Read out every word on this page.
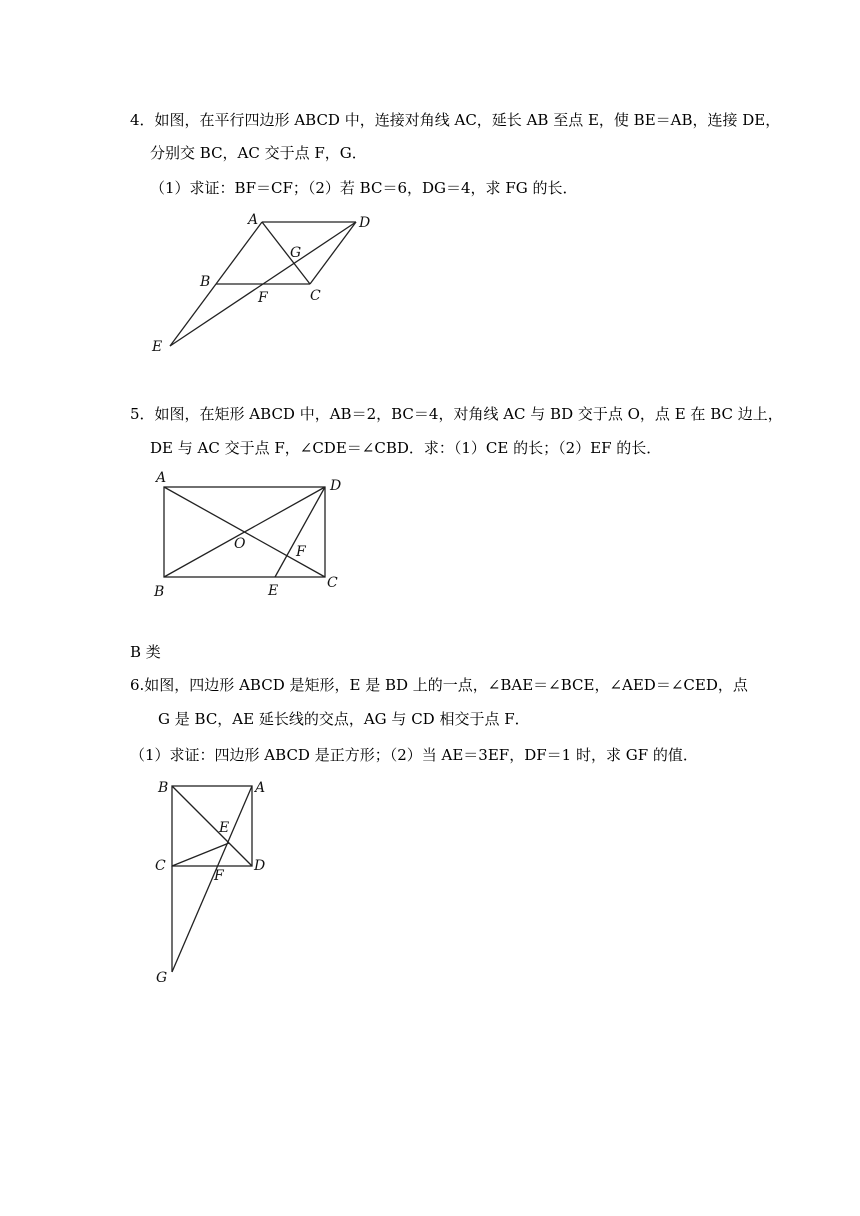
4．如图，在平行四边形 ABCD 中，连接对角线 AC，延长 AB 至点 E，使 BE＝AB，连接 DE，
分别交 BC，AC 交于点 F，G．
（1）求证：BF＝CF；（2）若 BC＝6，DG＝4，求 FG 的长．
A
B
C
D
E
F
G
5．如图，在矩形 ABCD 中，AB＝2，BC＝4，对角线 AC 与 BD 交于点 O，点 E 在 BC 边上，
DE 与 AC 交于点 F，∠CDE＝∠CBD．求：（1）CE 的长；（2）EF 的长．
A
B
C
D
E
F
O
B 类
6.如图，四边形 ABCD 是矩形，E 是 BD 上的一点，∠BAE＝∠BCE，∠AED＝∠CED，点
G 是 BC，AE 延长线的交点，AG 与 CD 相交于点 F．
（1）求证：四边形 ABCD 是正方形；（2）当 AE＝3EF，DF＝1 时，求 GF 的值．
B	A
C	D
E
F
G
